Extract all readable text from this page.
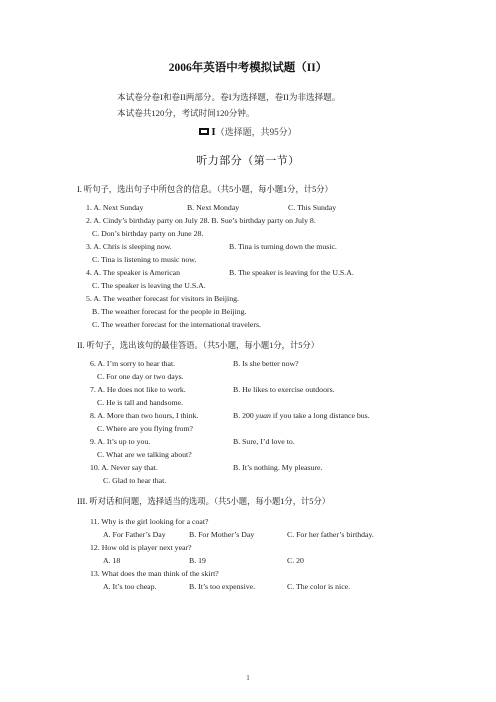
2006年英语中考模拟试题（II）
本试卷分卷I和卷II两部分。卷I为选择题，卷II为非选择题。
本试卷共120分，考试时间120分钟。
I（选择题，共95分）
听力部分（第一节）
I. 听句子，选出句子中所包含的信息。（共5小题，每小题1分，计5分）
1. A. Next Sunday	B. Next Monday	C. This Sunday
2. A. Cindy’s birthday party on July 28. B. Sue’s birthday party on July 8.
C. Don’s birthday party on June 28.
3. A. Chris is sleeping now.	B. Tina is turning down the music.
C. Tina is listening to music now.
4. A. The speaker is American	B. The speaker is leaving for the U.S.A.
C. The speaker is leaving the U.S.A.
5. A. The weather forecast for visitors in Beijing.
B. The weather forecast for the people in Beijing.
C. The weather forecast for the international travelers.
II. 听句子，选出该句的最佳答语。（共5小题，每小题1分，计5分）
6. A. I’m sorry to hear that.	B. Is she better now?
C. For one day or two days.
7. A. He does not like to work.	B. He likes to exercise outdoors.
C. He is tall and handsome.
8. A. More than two hours, I think.	B. 200 yuan if you take a long distance bus.
C. Where are you flying from?
9. A. It’s up to you.	B. Sure, I’d love to.
C. What are we talking about?
10. A. Never say that.	B. It’s nothing. My pleasure.
C. Glad to hear that.
III. 听对话和问题，选择适当的选项。（共5小题，每小题1分，计5分）
11. Why is the girl looking for a coat?
A. For Father’s Day	B. For Mother’s Day	C. For her father’s birthday.
12. How old is player next year?
A. 18	B. 19	C. 20
13. What does the man think of the skirt?
A. It’s too cheap.	B. It’s too expensive.	C. The color is nice.
1
